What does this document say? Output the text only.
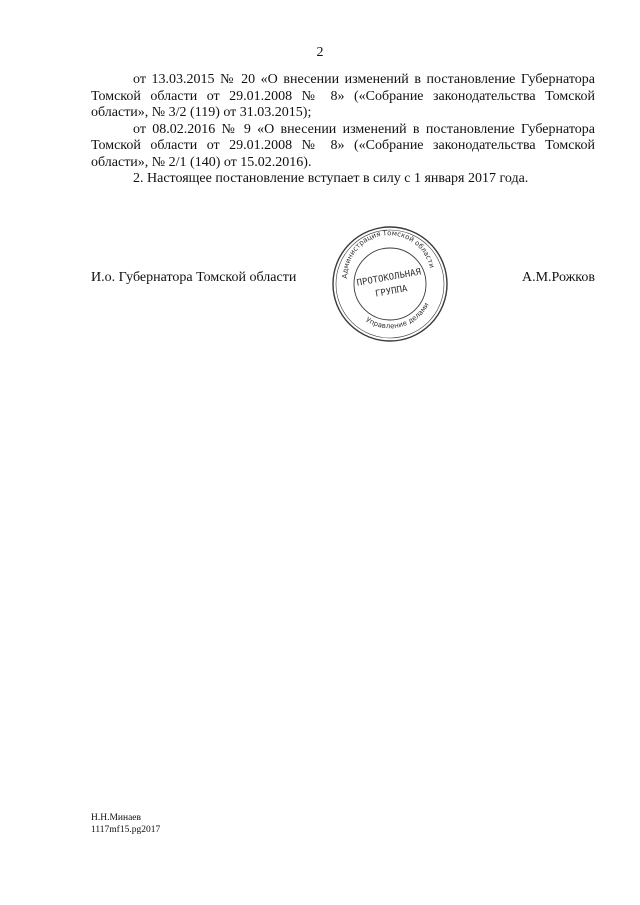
2

от 13.03.2015 № 20 «О внесении изменений в постановление Губернатора Томской области от 29.01.2008 № 8» («Собрание законодательства Томской области», № 3/2 (119) от 31.03.2015);

от 08.02.2016 № 9 «О внесении изменений в постановление Губернатора Томской области от 29.01.2008 № 8» («Собрание законодательства Томской области», № 2/1 (140) от 15.02.2016).

2. Настоящее постановление вступает в силу с 1 января 2017 года.

И.о. Губернатора Томской области	А.М.Рожков
Администрация Томской области
Управление делами
ПРОТОКОЛЬНАЯ
ГРУППА
Н.Н.Минаев
1117mf15.pg2017
